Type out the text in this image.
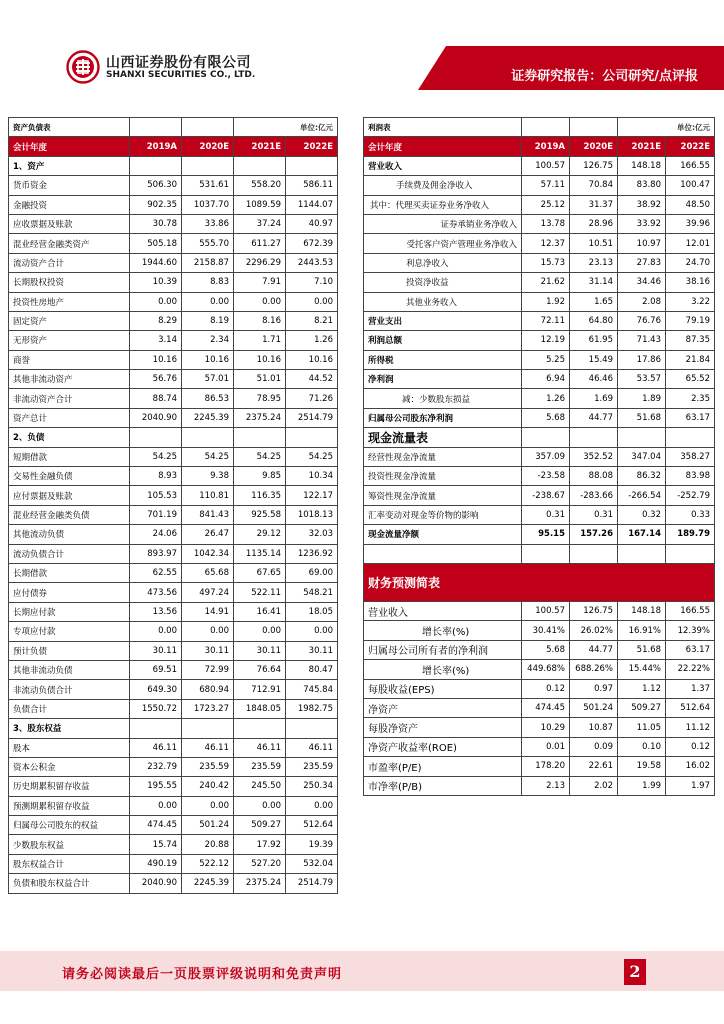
山西证券股份有限公司
SHANXI SECURITIES CO., LTD.	证券研究报告：公司研究/点评报
资产负债表			单位:亿元	
会计年度	2019A	2020E	2021E	2022E
1、资产				
货币资金	506.30	531.61	558.20	586.11
金融投资	902.35	1037.70	1089.59	1144.07
应收票据及账款	30.78	33.86	37.24	40.97
混业经营金融类资产	505.18	555.70	611.27	672.39
流动资产合计	1944.60	2158.87	2296.29	2443.53
长期股权投资	10.39	8.83	7.91	7.10
投资性房地产	0.00	0.00	0.00	0.00
固定资产	8.29	8.19	8.16	8.21
无形资产	3.14	2.34	1.71	1.26
商誉	10.16	10.16	10.16	10.16
其他非流动资产	56.76	57.01	51.01	44.52
非流动资产合计	88.74	86.53	78.95	71.26
资产总计	2040.90	2245.39	2375.24	2514.79
2、负债				
短期借款	54.25	54.25	54.25	54.25
交易性金融负债	8.93	9.38	9.85	10.34
应付票据及账款	105.53	110.81	116.35	122.17
混业经营金融类负债	701.19	841.43	925.58	1018.13
其他流动负债	24.06	26.47	29.12	32.03
流动负债合计	893.97	1042.34	1135.14	1236.92
长期借款	62.55	65.68	67.65	69.00
应付债券	473.56	497.24	522.11	548.21
长期应付款	13.56	14.91	16.41	18.05
专项应付款	0.00	0.00	0.00	0.00
预计负债	30.11	30.11	30.11	30.11
其他非流动负债	69.51	72.99	76.64	80.47
非流动负债合计	649.30	680.94	712.91	745.84
负债合计	1550.72	1723.27	1848.05	1982.75
3、股东权益				
股本	46.11	46.11	46.11	46.11
资本公积金	232.79	235.59	235.59	235.59
历史期累积留存收益	195.55	240.42	245.50	250.34
预测期累积留存收益	0.00	0.00	0.00	0.00
归属母公司股东的权益	474.45	501.24	509.27	512.64
少数股东权益	15.74	20.88	17.92	19.39
股东权益合计	490.19	522.12	527.20	532.04
负债和股东权益合计	2040.90	2245.39	2375.24	2514.79
利润表			单位:亿元	
会计年度	2019A	2020E	2021E	2022E
营业收入	100.57	126.75	148.18	166.55
手续费及佣金净收入	57.11	70.84	83.80	100.47
其中：代理买卖证券业务净收入	25.12	31.37	38.92	48.50
证券承销业务净收入	13.78	28.96	33.92	39.96
受托客户资产管理业务净收入	12.37	10.51	10.97	12.01
利息净收入	15.73	23.13	27.83	24.70
投资净收益	21.62	31.14	34.46	38.16
其他业务收入	1.92	1.65	2.08	3.22
营业支出	72.11	64.80	76.76	79.19
利润总额	12.19	61.95	71.43	87.35
所得税	5.25	15.49	17.86	21.84
净利润	6.94	46.46	53.57	65.52
减：少数股东损益	1.26	1.69	1.89	2.35
归属母公司股东净利润	5.68	44.77	51.68	63.17
现金流量表				
经营性现金净流量	357.09	352.52	347.04	358.27
投资性现金净流量	-23.58	88.08	86.32	83.98
筹资性现金净流量	-238.67	-283.66	-266.54	-252.79
汇率变动对现金等价物的影响	0.31	0.31	0.32	0.33
现金流量净额	95.15	157.26	167.14	189.79

财务预测简表				
营业收入	100.57	126.75	148.18	166.55
增长率(%)	30.41%	26.02%	16.91%	12.39%
归属母公司所有者的净利润	5.68	44.77	51.68	63.17
增长率(%)	449.68%	688.26%	15.44%	22.22%
每股收益(EPS)	0.12	0.97	1.12	1.37
净资产	474.45	501.24	509.27	512.64
每股净资产	10.29	10.87	11.05	11.12
净资产收益率(ROE)	0.01	0.09	0.10	0.12
市盈率(P/E)	178.20	22.61	19.58	16.02
市净率(P/B)	2.13	2.02	1.99	1.97
请务必阅读最后一页股票评级说明和免责声明	2
